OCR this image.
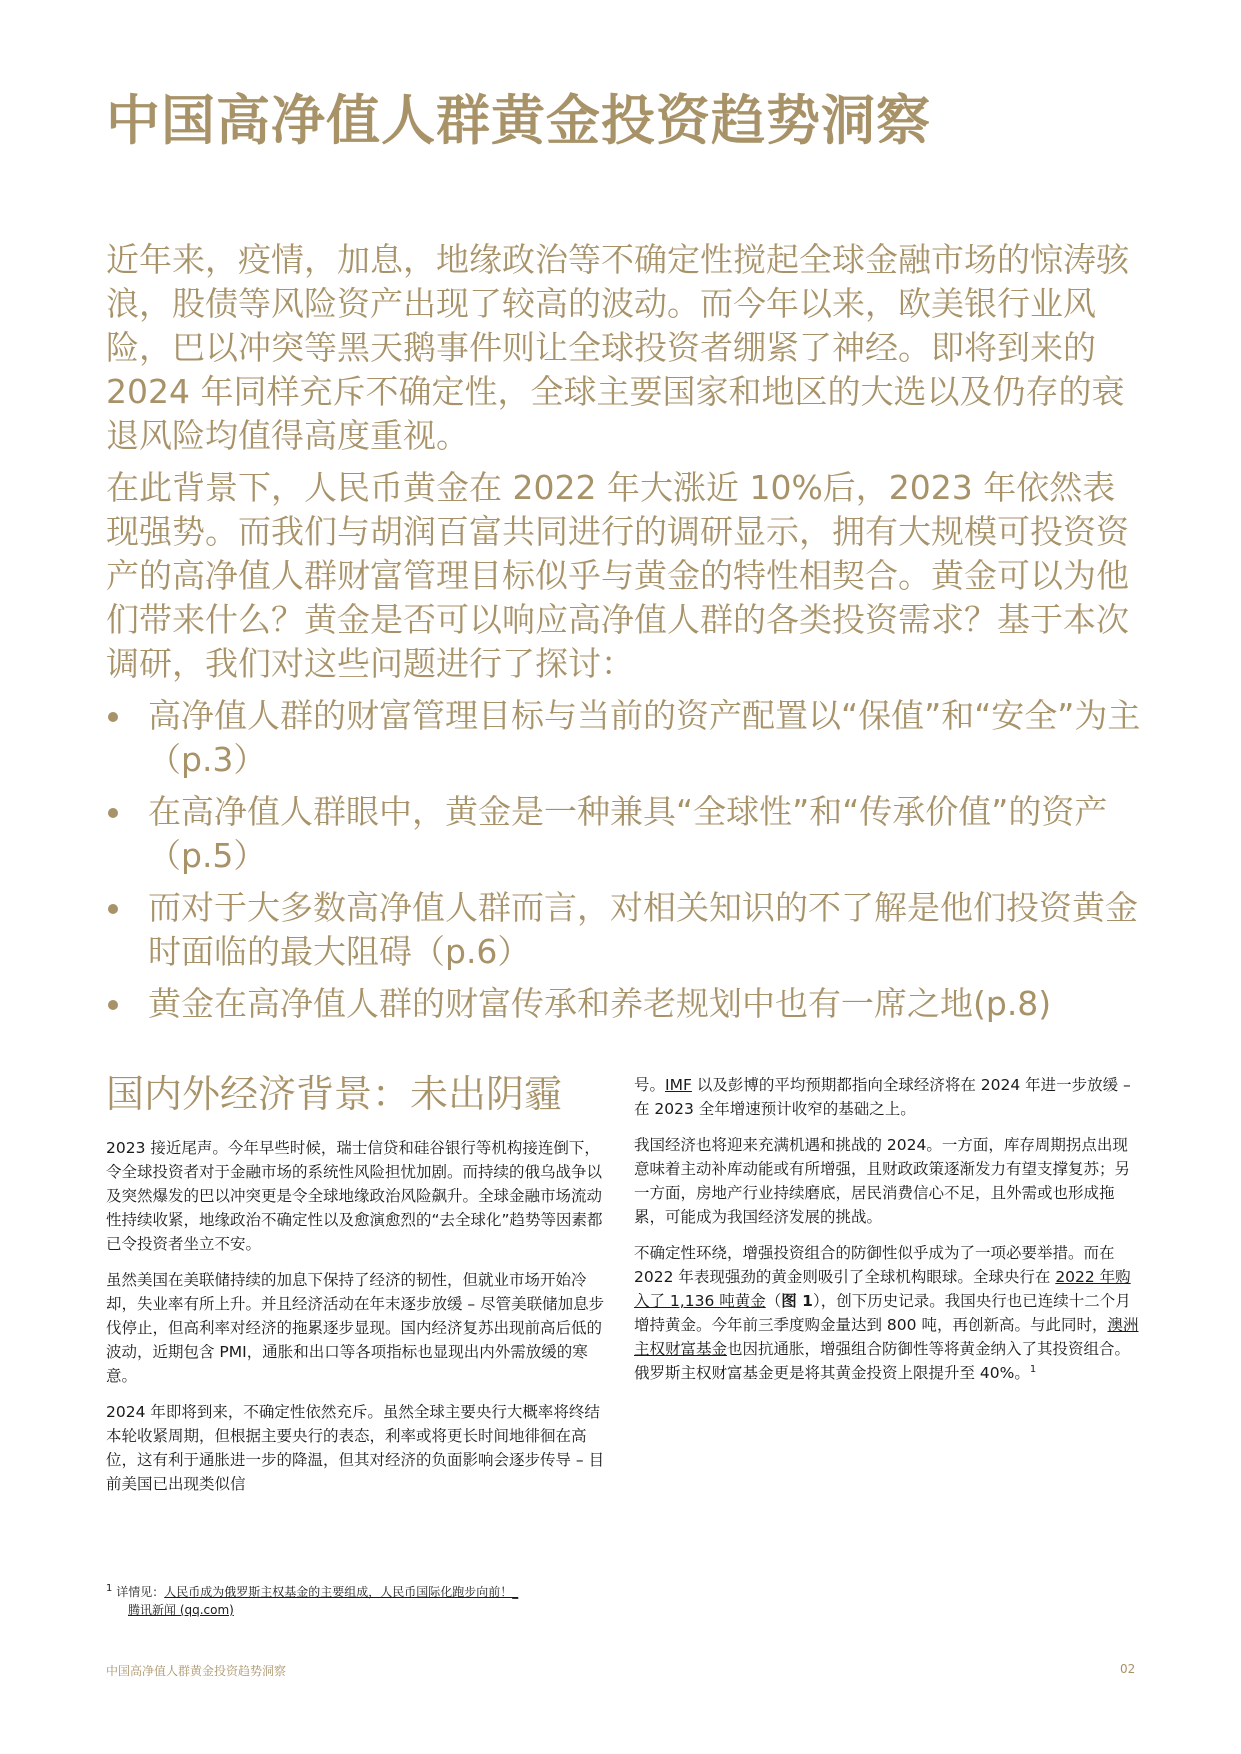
中国高净值人群黄金投资趋势洞察

近年来，疫情，加息，地缘政治等不确定性搅起全球金融市场的惊涛骇浪，股债等风险资产出现了较高的波动。而今年以来，欧美银行业风险，巴以冲突等黑天鹅事件则让全球投资者绷紧了神经。即将到来的 2024 年同样充斥不确定性，全球主要国家和地区的大选以及仍存的衰退风险均值得高度重视。

在此背景下，人民币黄金在 2022 年大涨近 10%后，2023 年依然表现强势。而我们与胡润百富共同进行的调研显示，拥有大规模可投资资产的高净值人群财富管理目标似乎与黄金的特性相契合。黄金可以为他们带来什么？黄金是否可以响应高净值人群的各类投资需求？基于本次调研，我们对这些问题进行了探讨：

高净值人群的财富管理目标与当前的资产配置以“保值”和“安全”为主（p.3）
在高净值人群眼中，黄金是一种兼具“全球性”和“传承价值”的资产（p.5）
而对于大多数高净值人群而言，对相关知识的不了解是他们投资黄金时面临的最大阻碍（p.6）
黄金在高净值人群的财富传承和养老规划中也有一席之地(p.8)
国内外经济背景：未出阴霾

2023 接近尾声。今年早些时候，瑞士信贷和硅谷银行等机构接连倒下，令全球投资者对于金融市场的系统性风险担忧加剧。而持续的俄乌战争以及突然爆发的巴以冲突更是令全球地缘政治风险飙升。全球金融市场流动性持续收紧，地缘政治不确定性以及愈演愈烈的“去全球化”趋势等因素都已令投资者坐立不安。

虽然美国在美联储持续的加息下保持了经济的韧性，但就业市场开始冷却，失业率有所上升。并且经济活动在年末逐步放缓 – 尽管美联储加息步伐停止，但高利率对经济的拖累逐步显现。国内经济复苏出现前高后低的波动，近期包含 PMI，通胀和出口等各项指标也显现出内外需放缓的寒意。

2024 年即将到来，不确定性依然充斥。虽然全球主要央行大概率将终结本轮收紧周期，但根据主要央行的表态，利率或将更长时间地徘徊在高位，这有利于通胀进一步的降温，但其对经济的负面影响会逐步传导 – 目前美国已出现类似信

号。IMF 以及彭博的平均预期都指向全球经济将在 2024 年进一步放缓 – 在 2023 全年增速预计收窄的基础之上。

我国经济也将迎来充满机遇和挑战的 2024。一方面，库存周期拐点出现意味着主动补库动能或有所增强，且财政政策逐渐发力有望支撑复苏；另一方面，房地产行业持续磨底，居民消费信心不足，且外需或也形成拖累，可能成为我国经济发展的挑战。

不确定性环绕，增强投资组合的防御性似乎成为了一项必要举措。而在 2022 年表现强劲的黄金则吸引了全球机构眼球。全球央行在 2022 年购入了 1,136 吨黄金（图 1），创下历史记录。我国央行也已连续十二个月增持黄金。今年前三季度购金量达到 800 吨，再创新高。与此同时，澳洲主权财富基金也因抗通胀，增强组合防御性等将黄金纳入了其投资组合。俄罗斯主权财富基金更是将其黄金投资上限提升至 40%。$^1$

$^1$ 详情见：人民币成为俄罗斯主权基金的主要组成，人民币国际化跑步向前！_
腾讯新闻 (qq.com)
中国高净值人群黄金投资趋势洞察	02
